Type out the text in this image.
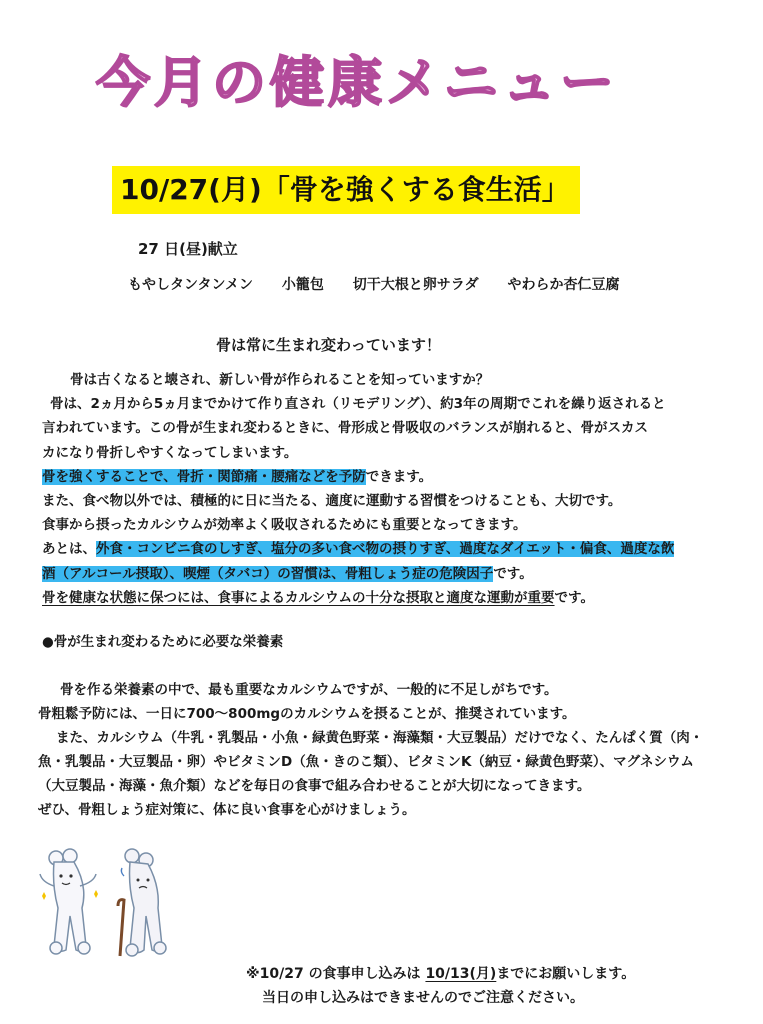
今月の健康メニュー
10/27(月)「骨を強くする食生活」
27 日(昼)献立
もやしタンタンメン 小籠包 切干大根と卵サラダ やわらか杏仁豆腐
骨は常に生まれ変わっています！

骨は古くなると壊され、新しい骨が作られることを知っていますか？

骨は、2ヵ月から5ヵ月までかけて作り直され（リモデリング）、約3年の周期でこれを繰り返されると

言われています。この骨が生まれ変わるときに、骨形成と骨吸収のバランスが崩れると、骨がスカス

カになり骨折しやすくなってしまいます。

骨を強くすることで、骨折・関節痛・腰痛などを予防できます。

また、食べ物以外では、積極的に日に当たる、適度に運動する習慣をつけることも、大切です。

食事から摂ったカルシウムが効率よく吸収されるためにも重要となってきます。

あとは、外食・コンビニ食のしすぎ、塩分の多い食べ物の摂りすぎ、過度なダイエット・偏食、過度な飲

酒（アルコール摂取）、喫煙（タバコ）の習慣は、骨粗しょう症の危険因子です。

骨を健康な状態に保つには、食事によるカルシウムの十分な摂取と適度な運動が重要です。

●骨が生まれ変わるために必要な栄養素

骨を作る栄養素の中で、最も重要なカルシウムですが、一般的に不足しがちです。

骨粗鬆予防には、一日に700～800mgのカルシウムを摂ることが、推奨されています。

また、カルシウム（牛乳・乳製品・小魚・緑黄色野菜・海藻類・大豆製品）だけでなく、たんぱく質（肉・

魚・乳製品・大豆製品・卵）やビタミンD（魚・きのこ類）、ビタミンK（納豆・緑黄色野菜）、マグネシウム

（大豆製品・海藻・魚介類）などを毎日の食事で組み合わせることが大切になってきます。

ぜひ、骨粗しょう症対策に、体に良い食事を心がけましょう。

※10/27 の食事申し込みは 10/13(月)までにお願いします。

当日の申し込みはできませんのでご注意ください。
